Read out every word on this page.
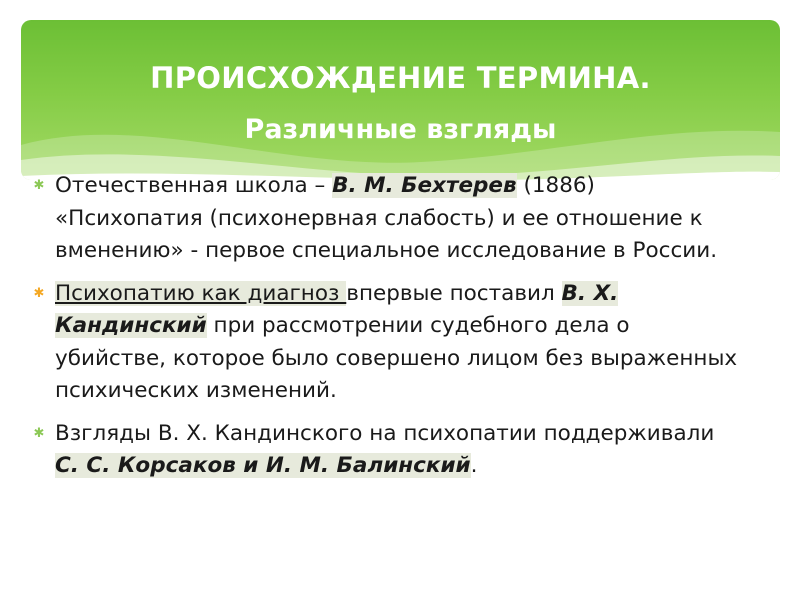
ПРОИСХОЖДЕНИЕ ТЕРМИНА.
Различные взгляды
✱ Отечественная школа – В. М. Бехтерев (1886) «Психопатия (психонервная слабость) и ее отношение к вменению» - первое специальное исследование в России.
✱ Психопатию как диагноз впервые поставил В. Х. Кандинский при рассмотрении судебного дела о убийстве, которое было совершено лицом без выраженных психических изменений.
✱ Взгляды В. Х. Кандинского на психопатии поддерживали С. С. Корсаков и И. М. Балинский.
